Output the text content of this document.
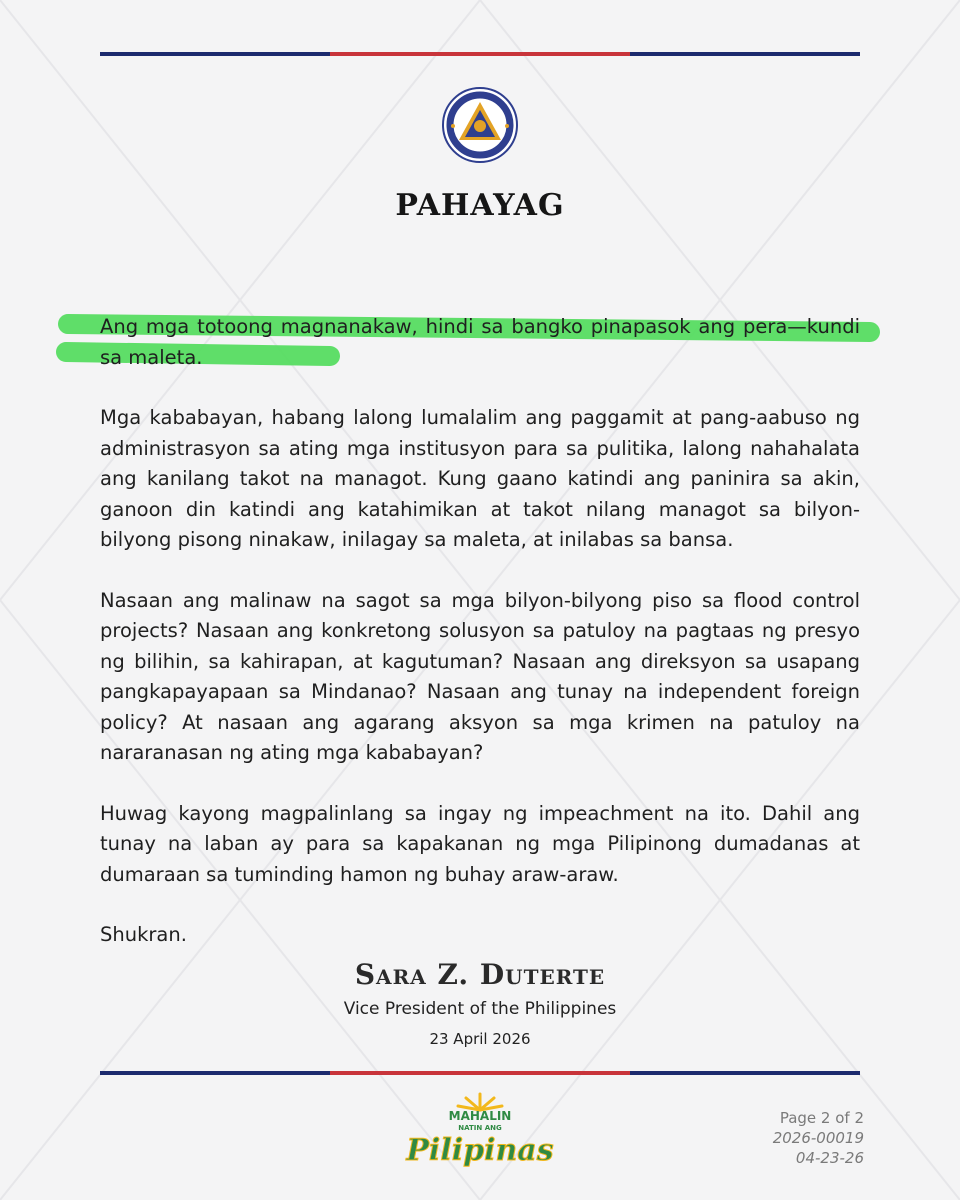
PAHAYAG

Ang mga totoong magnanakaw, hindi sa bangko pinapasok ang pera—kundi sa maleta.

Mga kababayan, habang lalong lumalalim ang paggamit at pang-aabuso ng administrasyon sa ating mga institusyon para sa pulitika, lalong nahahalata ang kanilang takot na managot. Kung gaano katindi ang paninira sa akin, ganoon din katindi ang katahimikan at takot nilang managot sa bilyon-bilyong pisong ninakaw, inilagay sa maleta, at inilabas sa bansa.

Nasaan ang malinaw na sagot sa mga bilyon-bilyong piso sa flood control projects? Nasaan ang konkretong solusyon sa patuloy na pagtaas ng presyo ng bilihin, sa kahirapan, at kagutuman? Nasaan ang direksyon sa usapang pangkapayapaan sa Mindanao? Nasaan ang tunay na independent foreign policy? At nasaan ang agarang aksyon sa mga krimen na patuloy na nararanasan ng ating mga kababayan?

Huwag kayong magpalinlang sa ingay ng impeachment na ito. Dahil ang tunay na laban ay para sa kapakanan ng mga Pilipinong dumadanas at dumaraan sa tuminding hamon ng buhay araw-araw.

Shukran.

Sara Z. Duterte
Vice President of the Philippines
23 April 2026
MAHALIN
NATIN ANG
Pilipinas
Page 2 of 2
2026-00019
04-23-26
